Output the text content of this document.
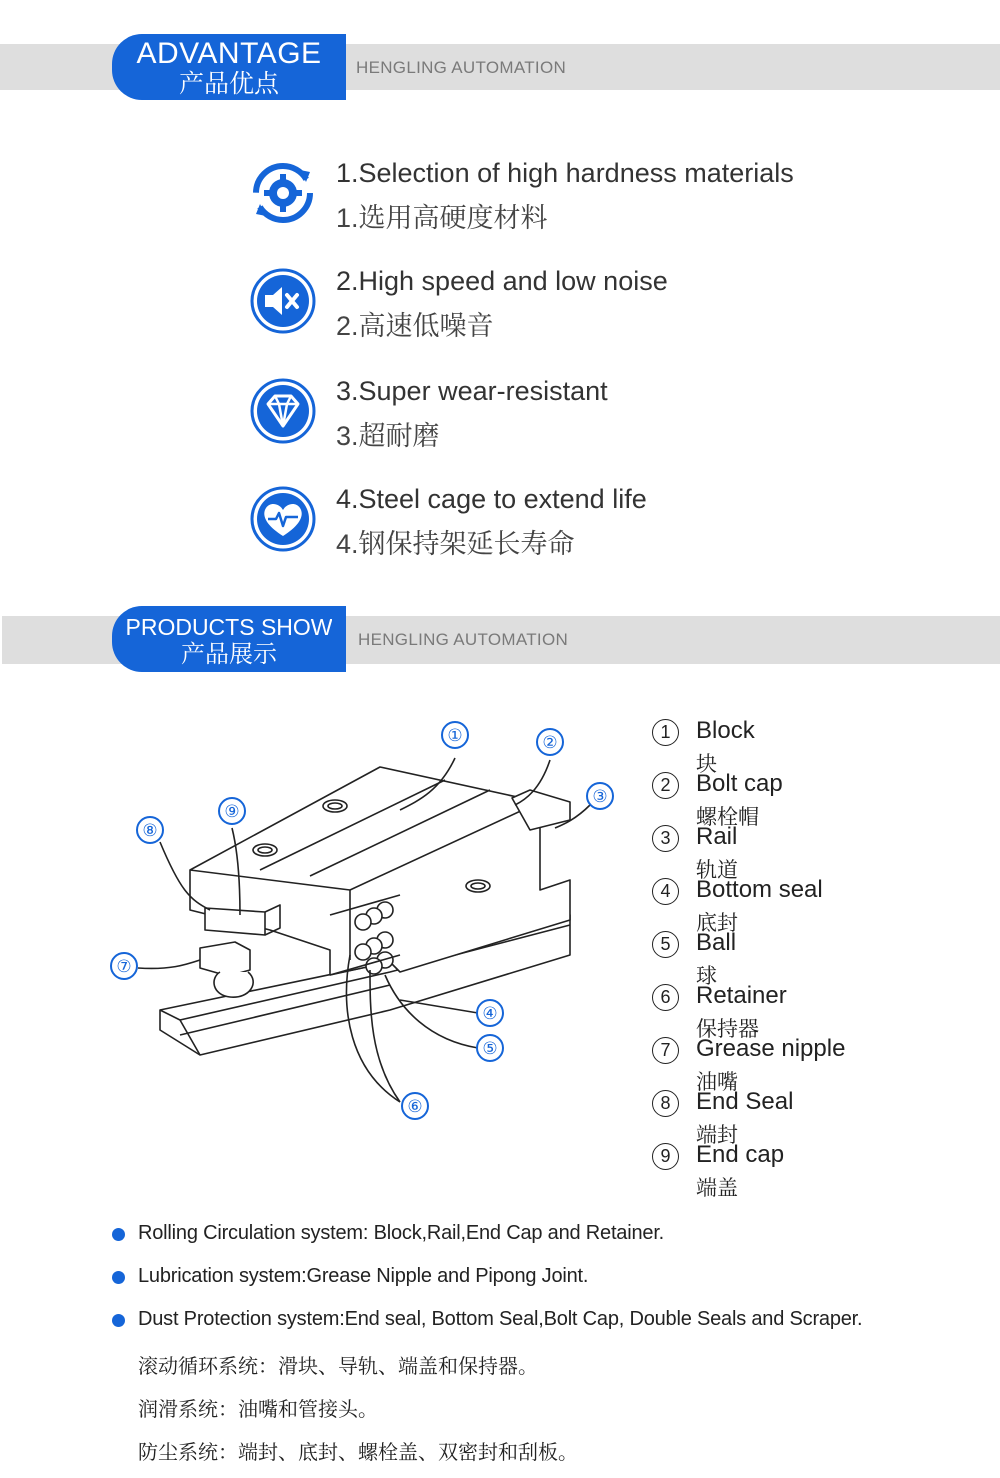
ADVANTAGE
产品优点
HENGLING AUTOMATION
1.Selection of high hardness materials
1.选用高硬度材料
2.High speed and low noise
2.高速低噪音
3.Super wear-resistant
3.超耐磨
4.Steel cage to extend life
4.钢保持架延长寿命
PRODUCTS SHOW
产品展示
HENGLING AUTOMATION
①	②
③
④
⑤
⑥
⑦
⑧
⑨
1	Block
块
2	Bolt cap
螺栓帽
3	Rail
轨道
4	Bottom seal
底封
5	Ball
球
6	Retainer
保持器
7	Grease nipple
油嘴
8	End Seal
端封
9	End cap
端盖
Rolling Circulation system: Block,Rail,End Cap and Retainer.
Lubrication system:Grease Nipple and Pipong Joint.
Dust Protection system:End seal, Bottom Seal,Bolt Cap, Double Seals and Scraper.
滚动循环系统：滑块、导轨、端盖和保持器。
润滑系统：油嘴和管接头。
防尘系统：端封、底封、螺栓盖、双密封和刮板。
